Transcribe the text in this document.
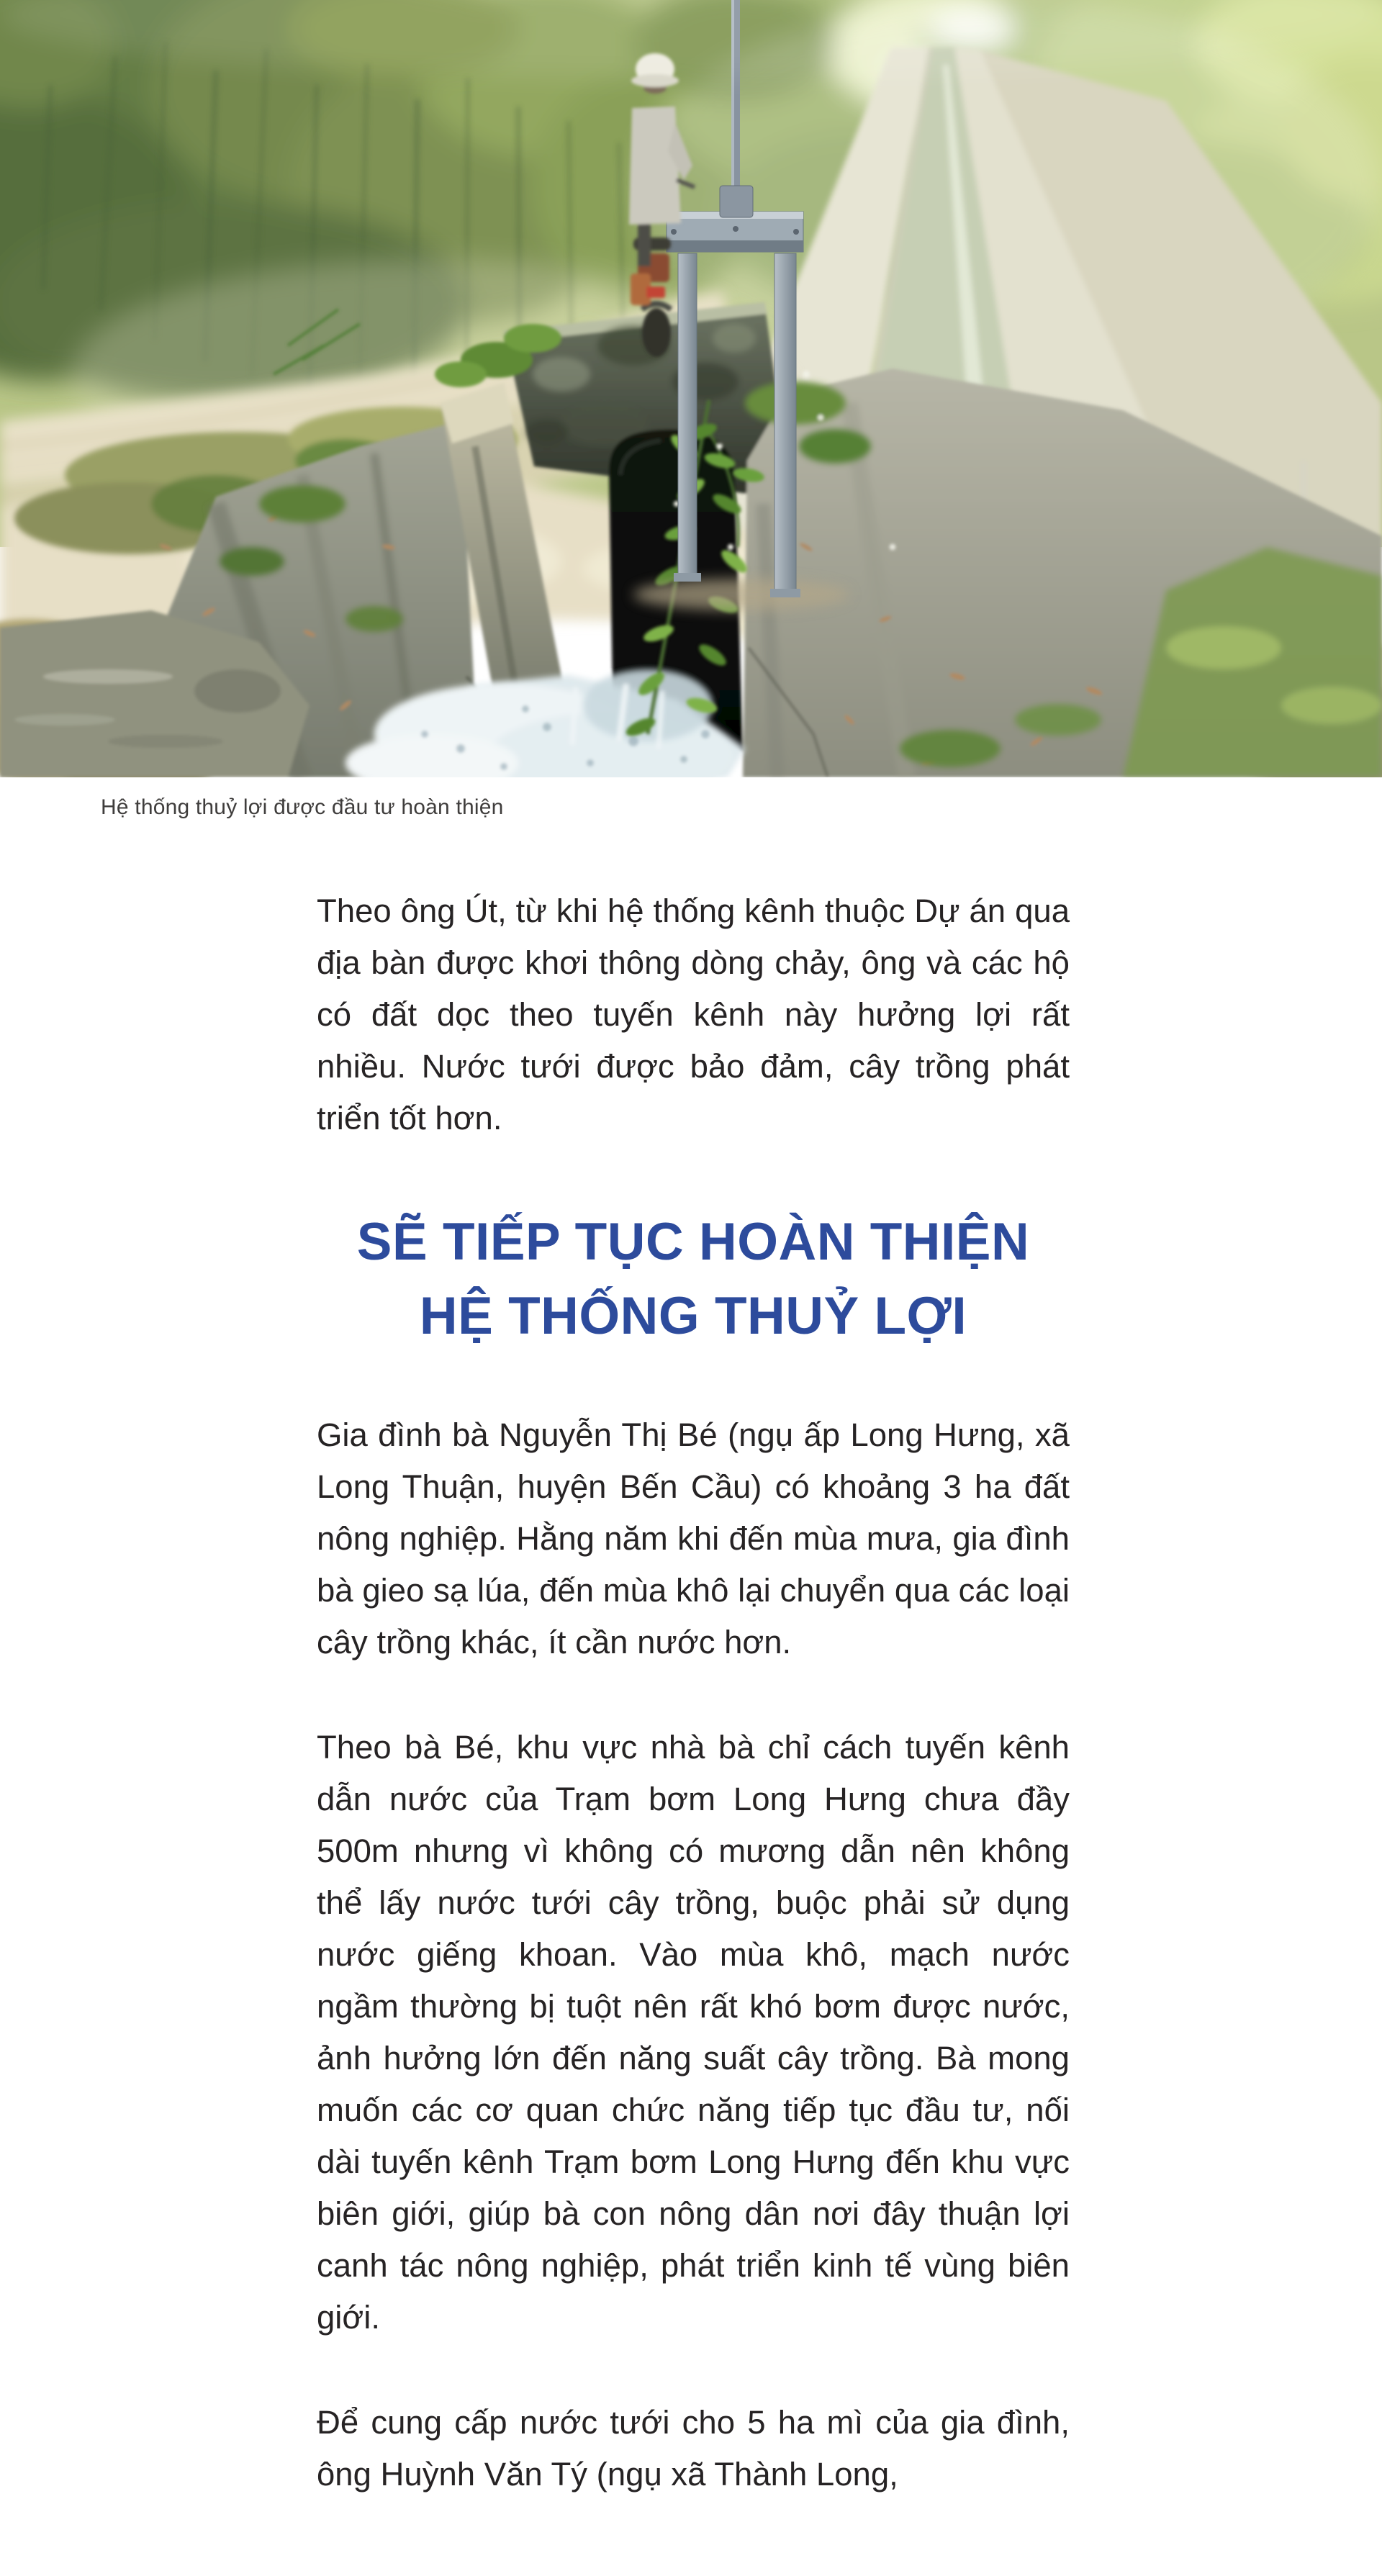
Hệ thống thuỷ lợi được đầu tư hoàn thiện

Theo ông Út, từ khi hệ thống kênh thuộc Dự án qua địa bàn được khơi thông dòng chảy, ông và các hộ có đất dọc theo tuyến kênh này hưởng lợi rất nhiều. Nước tưới được bảo đảm, cây trồng phát triển tốt hơn.

SẼ TIẾP TỤC HOÀN THIỆN
HỆ THỐNG THUỶ LỢI

Gia đình bà Nguyễn Thị Bé (ngụ ấp Long Hưng, xã Long Thuận, huyện Bến Cầu) có khoảng 3 ha đất nông nghiệp. Hằng năm khi đến mùa mưa, gia đình bà gieo sạ lúa, đến mùa khô lại chuyển qua các loại cây trồng khác, ít cần nước hơn.

Theo bà Bé, khu vực nhà bà chỉ cách tuyến kênh dẫn nước của Trạm bơm Long Hưng chưa đầy 500m nhưng vì không có mương dẫn nên không thể lấy nước tưới cây trồng, buộc phải sử dụng nước giếng khoan. Vào mùa khô, mạch nước ngầm thường bị tuột nên rất khó bơm được nước, ảnh hưởng lớn đến năng suất cây trồng. Bà mong muốn các cơ quan chức năng tiếp tục đầu tư, nối dài tuyến kênh Trạm bơm Long Hưng đến khu vực biên giới, giúp bà con nông dân nơi đây thuận lợi canh tác nông nghiệp, phát triển kinh tế vùng biên giới.

Để cung cấp nước tưới cho 5 ha mì của gia đình, ông Huỳnh Văn Tý (ngụ xã Thành Long,
